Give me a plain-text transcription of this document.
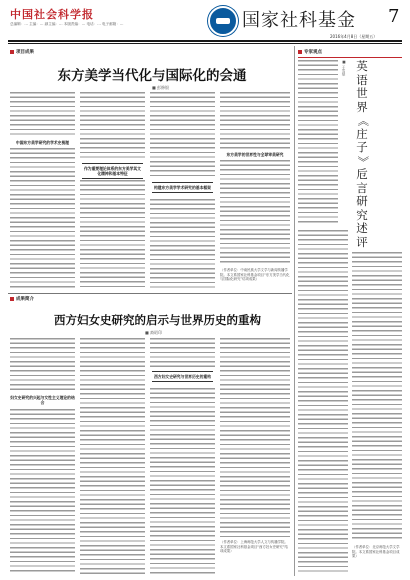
中国社会科学报
总编辑：… 主编：… 副主编：… 本版责编：… 电话：… 电子邮箱：…	国家社科基金 7
2016年4月8日（星期五）
项目成果
东方美学当代化与国际化的会通
■ 彭修银
中国东方美学研究的学术史梳理
作为重要理论体系的东方美学其文化精神和基本特征
构建东方美学学术研究的基本框架
东方美学的世界性与全球审美研究
（作者单位：中南民族大学文学与新闻传播学院。本文系国家社科基金项目“东方美学当代化与国际化研究”结项成果）
成果简介
西方妇女史研究的启示与世界历史的重构
■ 裔昭印
妇女史研究的兴起与女性主义理论的结合
西方妇女史研究与世界历史的重构
（作者单位：上海师范大学人文与传播学院。本文系国家社科基金项目“西方妇女史研究”结项成果）
专家观点
■ 于雪棠 英
语
世
界
《
庄
子
》
卮
言
研
究
述
评
（作者单位：北京师范大学文学院。本文系国家社科基金项目成果）
